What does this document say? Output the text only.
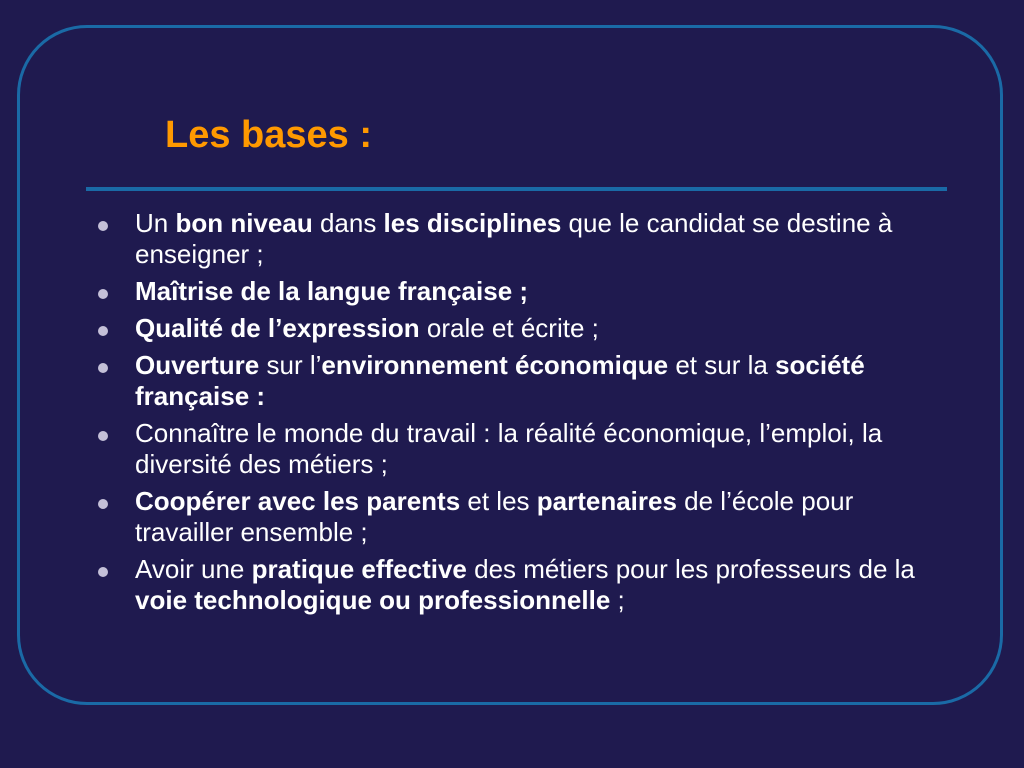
Les bases :
Un bon niveau dans les disciplines que le candidat se destine à enseigner ;
Maîtrise de la langue française ;
Qualité de l’expression orale et écrite ;
Ouverture sur l’environnement économique et sur la société française :
Connaître le monde du travail : la réalité économique, l’emploi, la diversité des métiers ;
Coopérer avec les parents et les partenaires de l’école pour travailler ensemble ;
Avoir une pratique effective des métiers pour les professeurs de la voie technologique ou professionnelle ;
